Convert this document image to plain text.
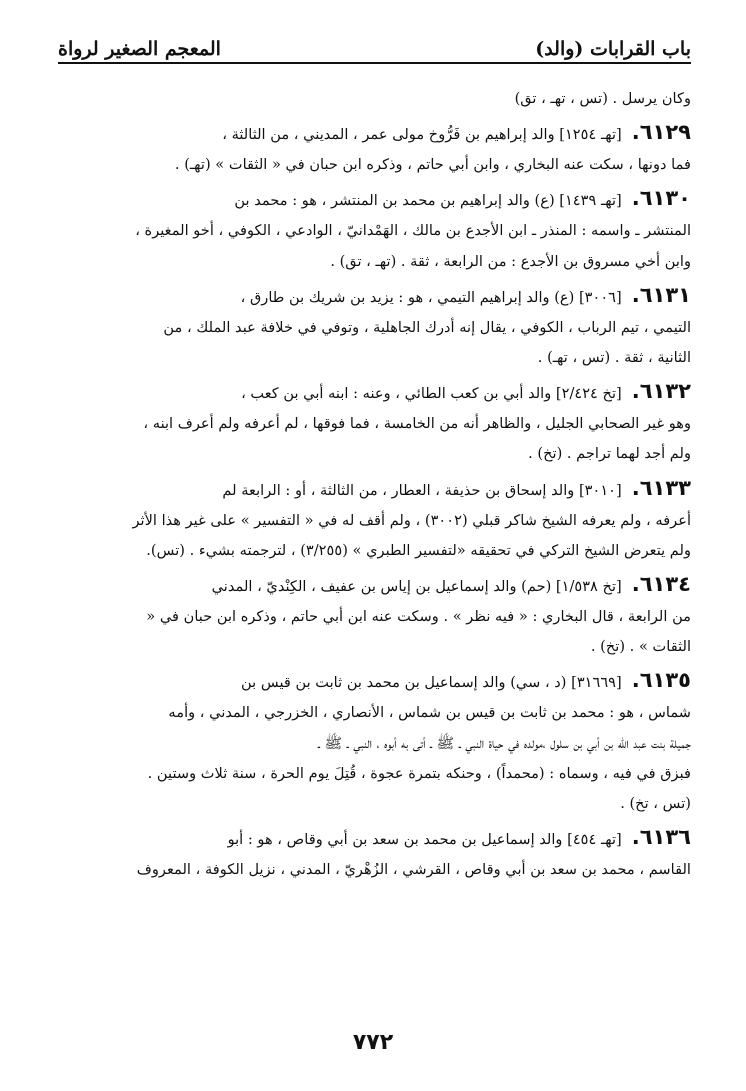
باب القرابات (والد)
المعجم الصغير لرواة
وكان يرسل . (تس ، تهـ ، تق)
٦١٢٩.[تهـ ١٢٥٤] والد إبراهيم بن فَرُّوخ مولى عمر ، المديني ، من الثالثة ،
فما دونها ، سكت عنه البخاري ، وابن أبي حاتم ، وذكره ابن حبان في « الثقات » (تهـ) .
٦١٣٠.[تهـ ١٤٣٩] (ع) والد إبراهيم بن محمد بن المنتشر ، هو : محمد بن
المنتشر ـ واسمه : المنذر ـ ابن الأجدع بن مالك ، الهَمْدانيّ ، الوادعي ، الكوفي ، أخو المغيرة ،
وابن أخي مسروق بن الأجدع : من الرابعة ، ثقة . (تهـ ، تق) .
٦١٣١.[٣٠٠٦] (ع) والد إبراهيم التيمي ، هو : يزيد بن شريك بن طارق ،
التيمي ، تيم الرباب ، الكوفي ، يقال إنه أدرك الجاهلية ، وتوفي في خلافة عبد الملك ، من
الثانية ، ثقة . (تس ، تهـ) .
٦١٣٢.[تخ ٢/٤٢٤] والد أبي بن كعب الطائي ، وعنه : ابنه أبي بن كعب ،
وهو غير الصحابي الجليل ، والظاهر أنه من الخامسة ، فما فوقها ، لم أعرفه ولم أعرف ابنه ،
ولم أجد لهما تراجم . (تخ) .
٦١٣٣.[٣٠١٠] والد إسحاق بن حذيفة ، العطار ، من الثالثة ، أو : الرابعة لم
أعرفه ، ولم يعرفه الشيخ شاكر قبلي (٣٠٠٢) ، ولم أقف له في « التفسير » على غير هذا الأثر
ولم يتعرض الشيخ التركي في تحقيقه «لتفسير الطبري » (٣/٢٥٥) ، لترجمته بشيء . (تس).
٦١٣٤.[تخ ١/٥٣٨] (حم) والد إسماعيل بن إياس بن عفيف ، الكِنْديّ ، المدني
من الرابعة ، قال البخاري : « فيه نظر » . وسكت عنه ابن أبي حاتم ، وذكره ابن حبان في «
الثقات » . (تخ) .
٦١٣٥.[٣١٦٦٩] (د ، سي) والد إسماعيل بن محمد بن ثابت بن قيس بن
شماس ، هو : محمد بن ثابت بن قيس بن شماس ، الأنصاري ، الخزرجي ، المدني ، وأمه
جميلة بنت عبد الله بن أبي بن سلول ،مولده في حياة النبي ـ ﷺ ـ أتى به أبوه ، النبي ـ ﷺ ـ
فبزق في فيه ، وسماه : (محمداً) ، وحنكه بتمرة عجوة ، قُتِلَ يوم الحرة ، سنة ثلاث وستين .
(تس ، تخ) .
٦١٣٦.[تهـ ٤٥٤] والد إسماعيل بن محمد بن سعد بن أبي وقاص ، هو : أبو
القاسم ، محمد بن سعد بن أبي وقاص ، القرشي ، الزُهْريّ ، المدني ، نزيل الكوفة ، المعروف
٧٧٢
